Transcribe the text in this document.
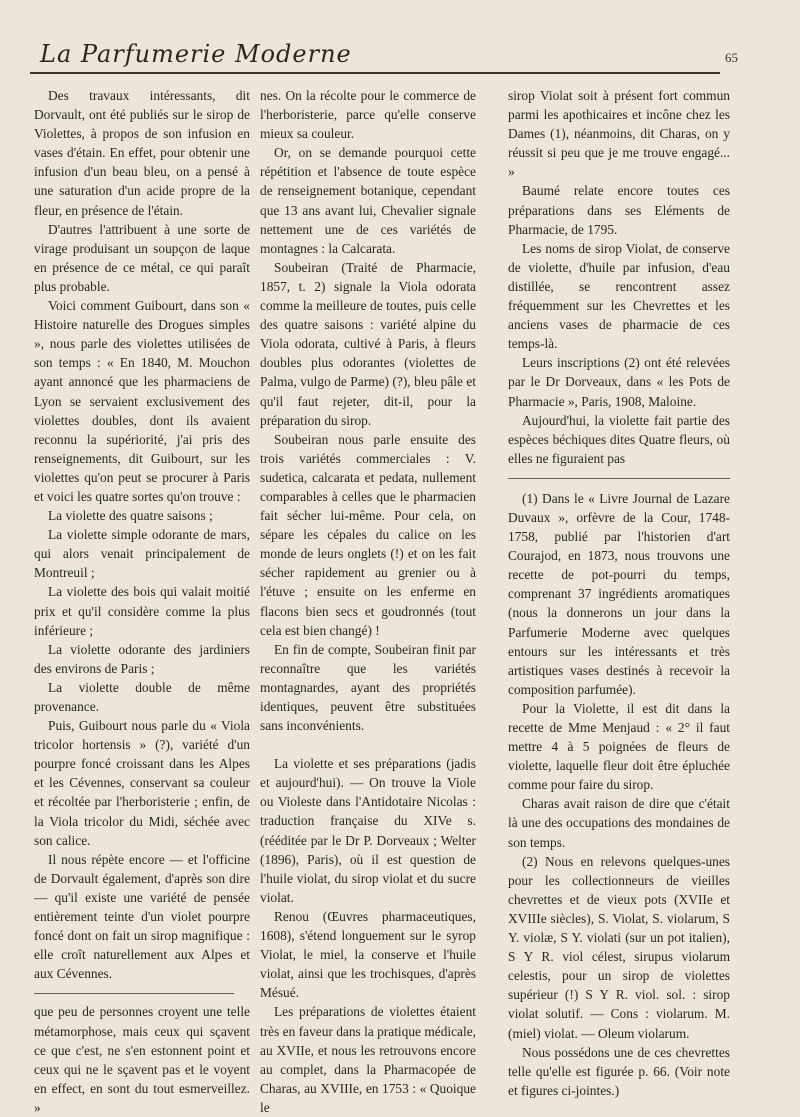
La Parfumerie Moderne	65

Des travaux intéressants, dit Dorvault, ont été publiés sur le sirop de Violettes, à propos de son infusion en vases d'étain. En effet, pour obtenir une infusion d'un beau bleu, on a pensé à une saturation d'un acide propre de la fleur, en présence de l'étain.

D'autres l'attribuent à une sorte de virage produisant un soupçon de laque en présence de ce métal, ce qui paraît plus probable.

Voici comment Guibourt, dans son « Histoire naturelle des Drogues simples », nous parle des violettes utilisées de son temps : « En 1840, M. Mouchon ayant annoncé que les pharmaciens de Lyon se servaient exclusivement des violettes doubles, dont ils avaient reconnu la supériorité, j'ai pris des renseignements, dit Guibourt, sur les violettes qu'on peut se procurer à Paris et voici les quatre sortes qu'on trouve :

La violette des quatre saisons ;

La violette simple odorante de mars, qui alors venait principalement de Montreuil ;

La violette des bois qui valait moitié prix et qu'il considère comme la plus inférieure ;

La violette odorante des jardiniers des environs de Paris ;

La violette double de même provenance.

Puis, Guibourt nous parle du « Viola tricolor hortensis » (?), variété d'un pourpre foncé croissant dans les Alpes et les Cévennes, conservant sa couleur et récoltée par l'herboristerie ; enfin, de la Viola tricolor du Midi, séchée avec son calice.

Il nous répète encore — et l'officine de Dorvault également, d'après son dire — qu'il existe une variété de pensée entièrement teinte d'un violet pourpre foncé dont on fait un sirop magnifique : elle croît naturellement aux Alpes et aux Cévennes.

que peu de personnes croyent une telle métamorphose, mais ceux qui sçavent ce que c'est, ne s'en estonnent point et ceux qui ne le sçavent pas et le voyent en effect, en sont du tout esmerveillez. »

nes. On la récolte pour le commerce de l'herboristerie, parce qu'elle conserve mieux sa couleur.

Or, on se demande pourquoi cette répétition et l'absence de toute espèce de renseignement botanique, cependant que 13 ans avant lui, Chevalier signale nettement une de ces variétés de montagnes : la Calcarata.

Soubeiran (Traité de Pharmacie, 1857, t. 2) signale la Viola odorata comme la meilleure de toutes, puis celle des quatre saisons : variété alpine du Viola odorata, cultivé à Paris, à fleurs doubles plus odorantes (violettes de Palma, vulgo de Parme) (?), bleu pâle et qu'il faut rejeter, dit-il, pour la préparation du sirop.

Soubeiran nous parle ensuite des trois variétés commerciales : V. sudetica, calcarata et pedata, nullement comparables à celles que le pharmacien fait sécher lui-même. Pour cela, on sépare les cépales du calice on les monde de leurs onglets (!) et on les fait sécher rapidement au grenier ou à l'étuve ; ensuite on les enferme en flacons bien secs et goudronnés (tout cela est bien changé) !

En fin de compte, Soubeiran finit par reconnaître que les variétés montagnardes, ayant des propriétés identiques, peuvent être substituées sans inconvénients.

La violette et ses préparations (jadis et aujourd'hui). — On trouve la Viole ou Violeste dans l'Antidotaire Nicolas : traduction française du XIVe s. (rééditée par le Dr P. Dorveaux ; Welter (1896), Paris), où il est question de l'huile violat, du sirop violat et du sucre violat.

Renou (Œuvres pharmaceutiques, 1608), s'étend longuement sur le syrop Violat, le miel, la conserve et l'huile violat, ainsi que les trochisques, d'après Mésué.

Les préparations de violettes étaient très en faveur dans la pratique médicale, au XVIIe, et nous les retrouvons encore au complet, dans la Pharmacopée de Charas, au XVIIIe, en 1753 : « Quoique le

sirop Violat soit à présent fort commun parmi les apothicaires et incône chez les Dames (1), néanmoins, dit Charas, on y réussit si peu que je me trouve engagé... »

Baumé relate encore toutes ces préparations dans ses Eléments de Pharmacie, de 1795.

Les noms de sirop Violat, de conserve de violette, d'huile par infusion, d'eau distillée, se rencontrent assez fréquemment sur les Chevrettes et les anciens vases de pharmacie de ces temps-là.

Leurs inscriptions (2) ont été relevées par le Dr Dorveaux, dans « les Pots de Pharmacie », Paris, 1908, Maloine.

Aujourd'hui, la violette fait partie des espèces béchiques dites Quatre fleurs, où elles ne figuraient pas

(1) Dans le « Livre Journal de Lazare Duvaux », orfèvre de la Cour, 1748-1758, publié par l'historien d'art Courajod, en 1873, nous trouvons une recette de pot-pourri du temps, comprenant 37 ingrédients aromatiques (nous la donnerons un jour dans la Parfumerie Moderne avec quelques entours sur les intéressants et très artistiques vases destinés à recevoir la composition parfumée).

Pour la Violette, il est dit dans la recette de Mme Menjaud : « 2° il faut mettre 4 à 5 poignées de fleurs de violette, laquelle fleur doit être épluchée comme pour faire du sirop.

Charas avait raison de dire que c'était là une des occupations des mondaines de son temps.

(2) Nous en relevons quelques-unes pour les collectionneurs de vieilles chevrettes et de vieux pots (XVIIe et XVIIIe siècles), S. Violat, S. violarum, S Y. violæ, S Y. violati (sur un pot italien), S Y R. viol célest, sirupus violarum celestis, pour un sirop de violettes supérieur (!) S Y R. viol. sol. : sirop violat solutif. — Cons : violarum. M. (miel) violat. — Oleum violarum.

Nous possédons une de ces chevrettes telle qu'elle est figurée p. 66. (Voir note et figures ci-jointes.)
